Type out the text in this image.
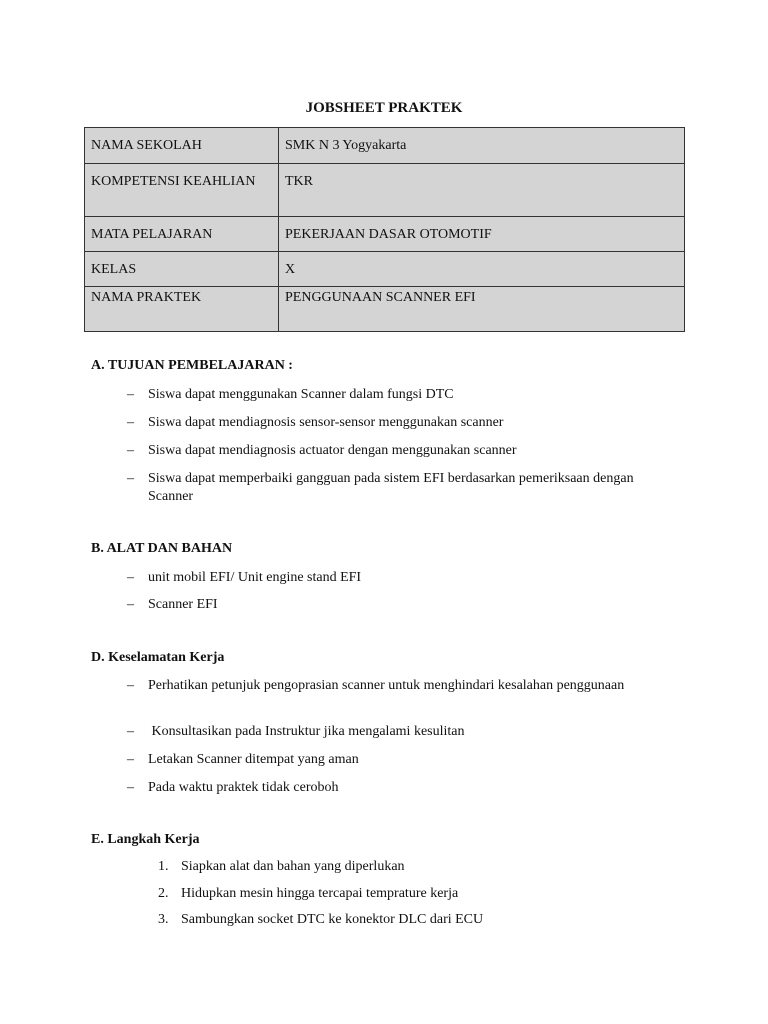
JOBSHEET PRAKTEK
NAMA SEKOLAH	SMK N 3 Yogyakarta
KOMPETENSI KEAHLIAN	TKR
MATA PELAJARAN	PEKERJAAN DASAR OTOMOTIF
KELAS	X
NAMA PRAKTEK	PENGGUNAAN SCANNER EFI
A. TUJUAN PEMBELAJARAN :
–	Siswa dapat menggunakan Scanner dalam fungsi DTC
–	Siswa dapat mendiagnosis sensor-sensor menggunakan scanner
–	Siswa dapat mendiagnosis actuator dengan menggunakan scanner
–	Siswa dapat memperbaiki gangguan pada sistem EFI berdasarkan pemeriksaan dengan Scanner
B. ALAT DAN BAHAN
–	unit mobil EFI/ Unit engine stand EFI
–	Scanner EFI
D. Keselamatan Kerja
–	Perhatikan petunjuk pengoprasian scanner untuk menghindari kesalahan penggunaan
–	Konsultasikan pada Instruktur jika mengalami kesulitan
–	Letakan Scanner ditempat yang aman
–	Pada waktu praktek tidak ceroboh
E. Langkah Kerja
1. Siapkan alat dan bahan yang diperlukan
2. Hidupkan mesin hingga tercapai temprature kerja
3. Sambungkan socket DTC ke konektor DLC dari ECU
